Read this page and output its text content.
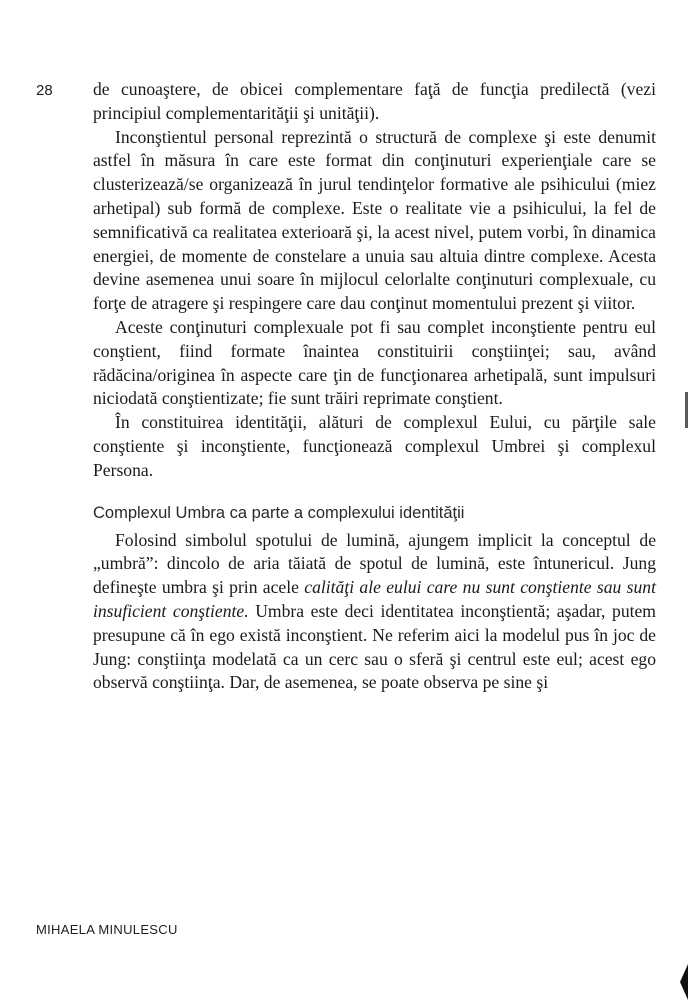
28 de cunoaştere, de obicei complementare faţă de funcţia predilectă (vezi principiul complementarităţii şi unităţii).

Inconştientul personal reprezintă o structură de complexe şi este denumit astfel în măsura în care este format din conţinuturi experienţiale care se clusterizează/se organizează în jurul tendinţelor formative ale psihicului (miez arhetipal) sub formă de complexe. Este o realitate vie a psihicului, la fel de semnificativă ca realitatea exterioară şi, la acest nivel, putem vorbi, în dinamica energiei, de momente de constelare a unuia sau altuia dintre complexe. Acesta devine asemenea unui soare în mijlocul celorlalte conţinuturi complexuale, cu forţe de atragere şi respingere care dau conţinut momentului prezent şi viitor.

Aceste conţinuturi complexuale pot fi sau complet inconştiente pentru eul conştient, fiind formate înaintea constituirii conştiinţei; sau, având rădăcina/originea în aspecte care ţin de funcţionarea arhetipală, sunt impulsuri niciodată conştientizate; fie sunt trăiri reprimate conştient.

În constituirea identităţii, alături de complexul Eului, cu părţile sale conştiente şi inconştiente, funcţionează complexul Umbrei şi complexul Persona.

Complexul Umbra ca parte a complexului identităţii

Folosind simbolul spotului de lumină, ajungem implicit la conceptul de „umbră”: dincolo de aria tăiată de spotul de lumină, este întunericul. Jung defineşte umbra şi prin acele calităţi ale eului care nu sunt conştiente sau sunt insuficient conştiente. Umbra este deci identitatea inconştientă; aşadar, putem presupune că în ego există inconştient. Ne referim aici la modelul pus în joc de Jung: conştiinţa modelată ca un cerc sau o sferă şi centrul este eul; acest ego observă conştiinţa. Dar, de asemenea, se poate observa pe sine şi

MIHAELA MINULESCU
